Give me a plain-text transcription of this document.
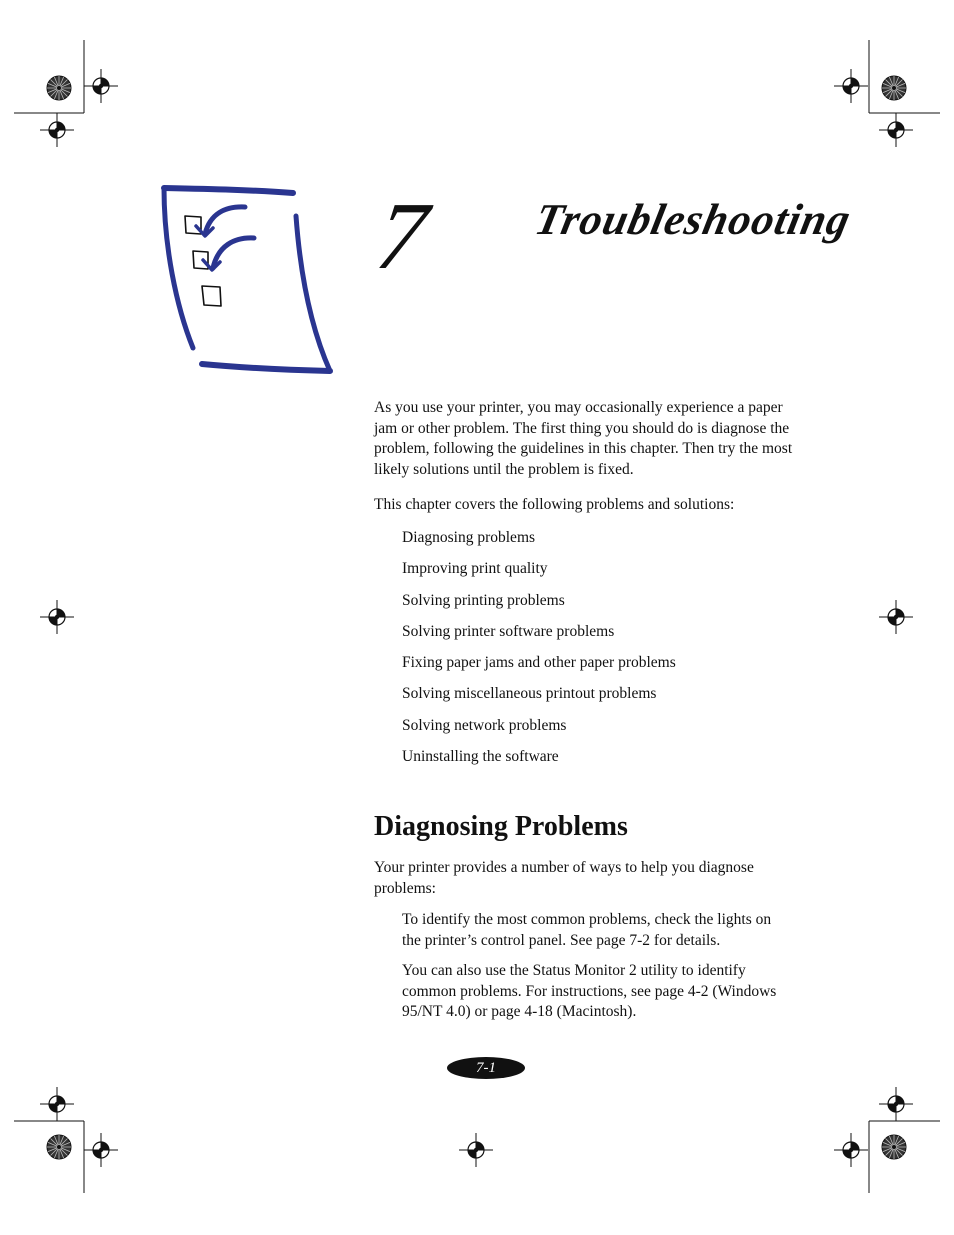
7 Troubleshooting
As you use your printer, you may occasionally experience a paper jam or other problem. The first thing you should do is diagnose the problem, following the guidelines in this chapter. Then try the most likely solutions until the problem is fixed.
This chapter covers the following problems and solutions:
Diagnosing problems
Improving print quality
Solving printing problems
Solving printer software problems
Fixing paper jams and other paper problems
Solving miscellaneous printout problems
Solving network problems
Uninstalling the software
Diagnosing Problems
Your printer provides a number of ways to help you diagnose problems:
To identify the most common problems, check the lights on the printer’s control panel. See page 7-2 for details.
You can also use the Status Monitor 2 utility to identify common problems. For instructions, see page 4-2 (Windows 95/NT 4.0) or page 4-18 (Macintosh).
7-1
